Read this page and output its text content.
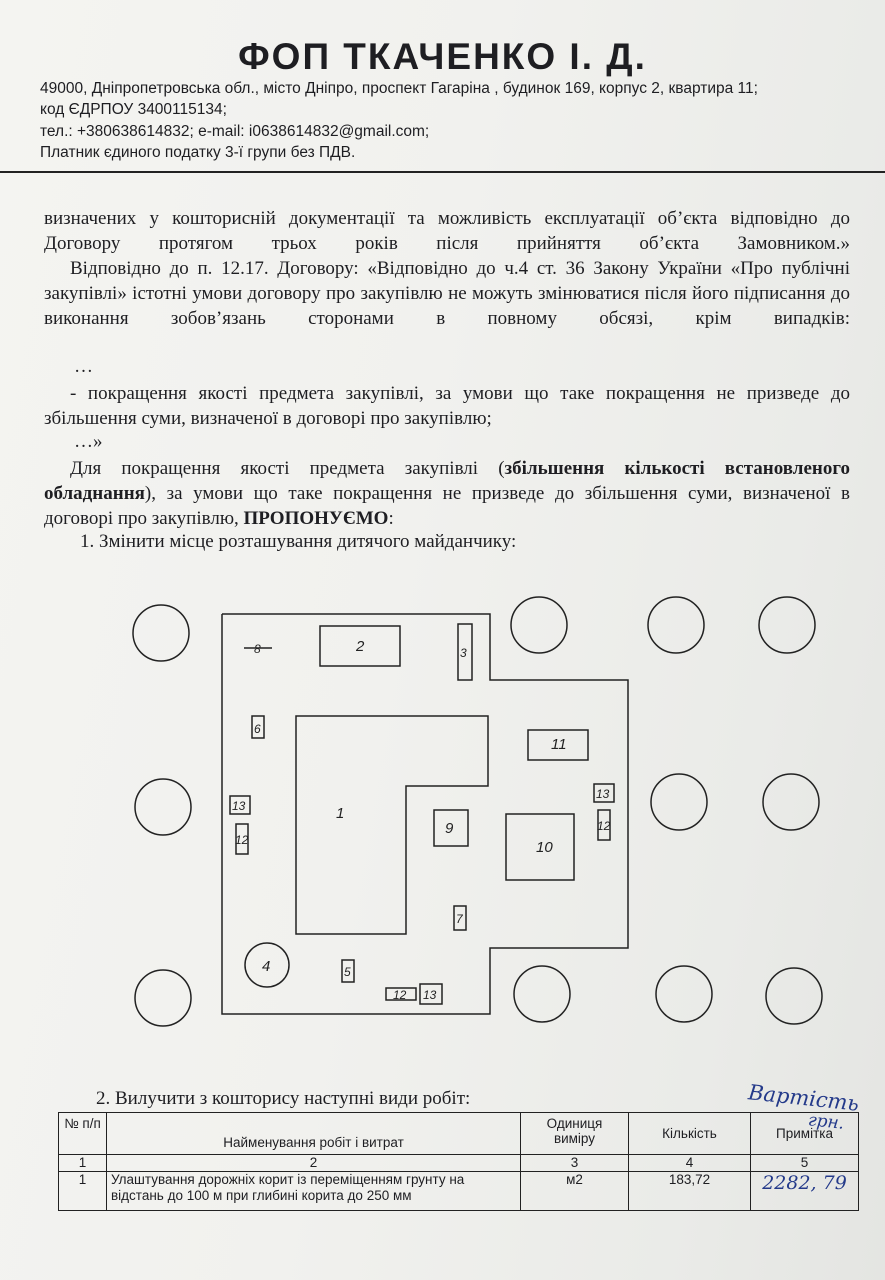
ФОП ТКАЧЕНКО І. Д.

49000, Дніпропетровська обл., місто Дніпро, проспект Гагаріна , будинок 169, корпус 2, квартира 11;

код ЄДРПОУ 3400115134;

тел.: +380638614832; e-mail: i0638614832@gmail.com;

Платник єдиного податку 3-ї групи без ПДВ.

визначених у кошторисній документації та можливість експлуатації об’єкта відповідно до Договору протягом трьох років після прийняття об’єкта Замовником.»
Відповідно до п. 12.17. Договору: «Відповідно до ч.4 ст. 36 Закону України «Про публічні закупівлі» істотні умови договору про закупівлю не можуть змінюватися після його підписання до виконання зобов’язань сторонами в повному обсязі, крім випадків:
…
- покращення якості предмета закупівлі, за умови що таке покращення не призведе до збільшення суми, визначеної в договорі про закупівлю;
…»
Для покращення якості предмета закупівлі (збільшення кількості встановленого обладнання), за умови що таке покращення не призведе до збільшення суми, визначеної в договорі про закупівлю, ПРОПОНУЄМО:
1. Змінити місце розташування дитячого майданчику:
1
2	3
4	5
6
7
8
9
10
11
12
12
12
13
13
13
2. Вилучити з кошторису наступні види робіт:
№ п/п	Найменування робіт і витрат	Одиниця виміру	Кількість	Примітка
1	2	3	4	5
1	Улаштування дорожніх корит із переміщенням грунту на відстань до 100 м при глибині корита до 250 мм	м2	183,72	2282, 79
Вартість
грн.
